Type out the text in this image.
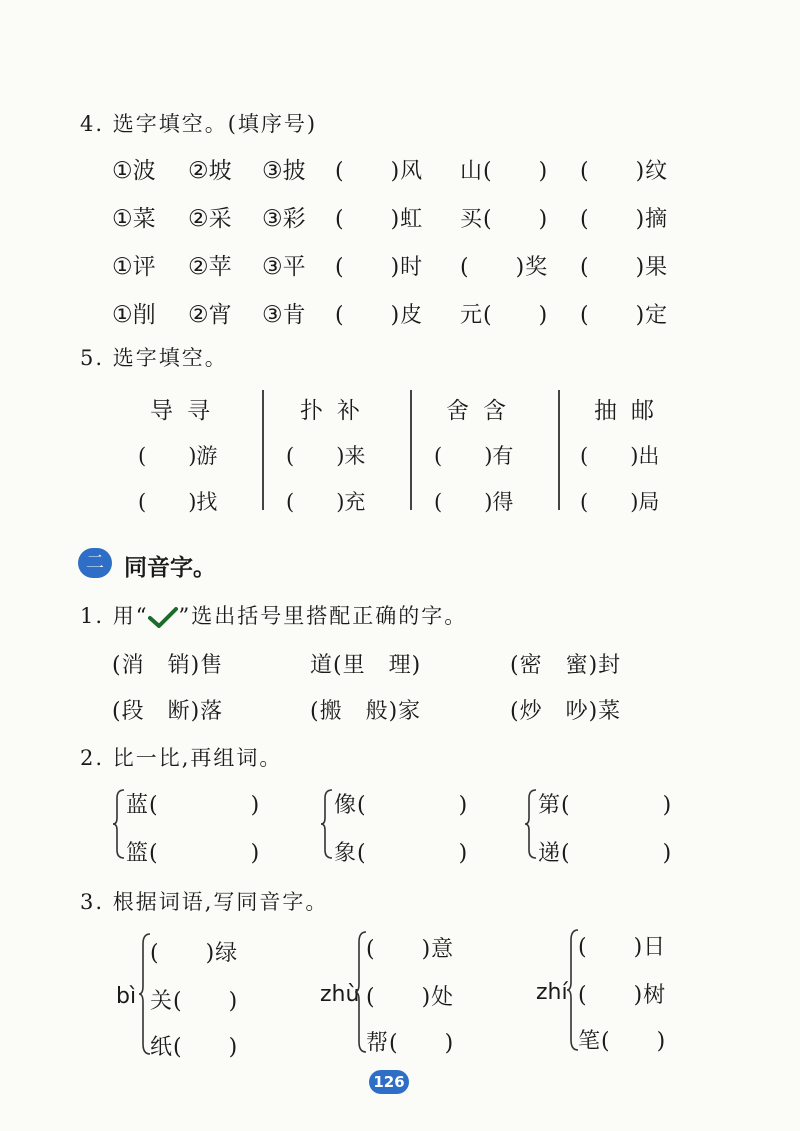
4. 选字填空。(填序号)
①波 ②坡 ③披 (　　)风 山(　　) (　　)纹
①菜 ②采 ③彩 (　　)虹 买(　　) (　　)摘
①评 ②苹 ③平 (　　)时 (　　)奖 (　　)果
①削 ②宵 ③肯 (　　)皮 元(　　) (　　)定
5. 选字填空。
导寻	扑补	舍含	抽邮
(　　)游	(　　)来	(　　)有	(　　)出
(　　)找	(　　)充	(　　)得	(　　)局
二 同音字。
1. 用“ ”选出括号里搭配正确的字。
(消　销)售	道(里　理)	(密　蜜)封
(段　断)落	(搬　般)家	(炒　吵)菜
2. 比一比,再组词。
蓝(　　　　)
篮(　　　　)
像(　　　　)
象(　　　　)
第(　　　　)
递(　　　　)
3. 根据词语,写同音字。
bì
(　　)绿
关(　　)
纸(　　)
zhù
(　　)意
(　　)处
帮(　　)
zhí
(　　)日
(　　)树
笔(　　)
126
